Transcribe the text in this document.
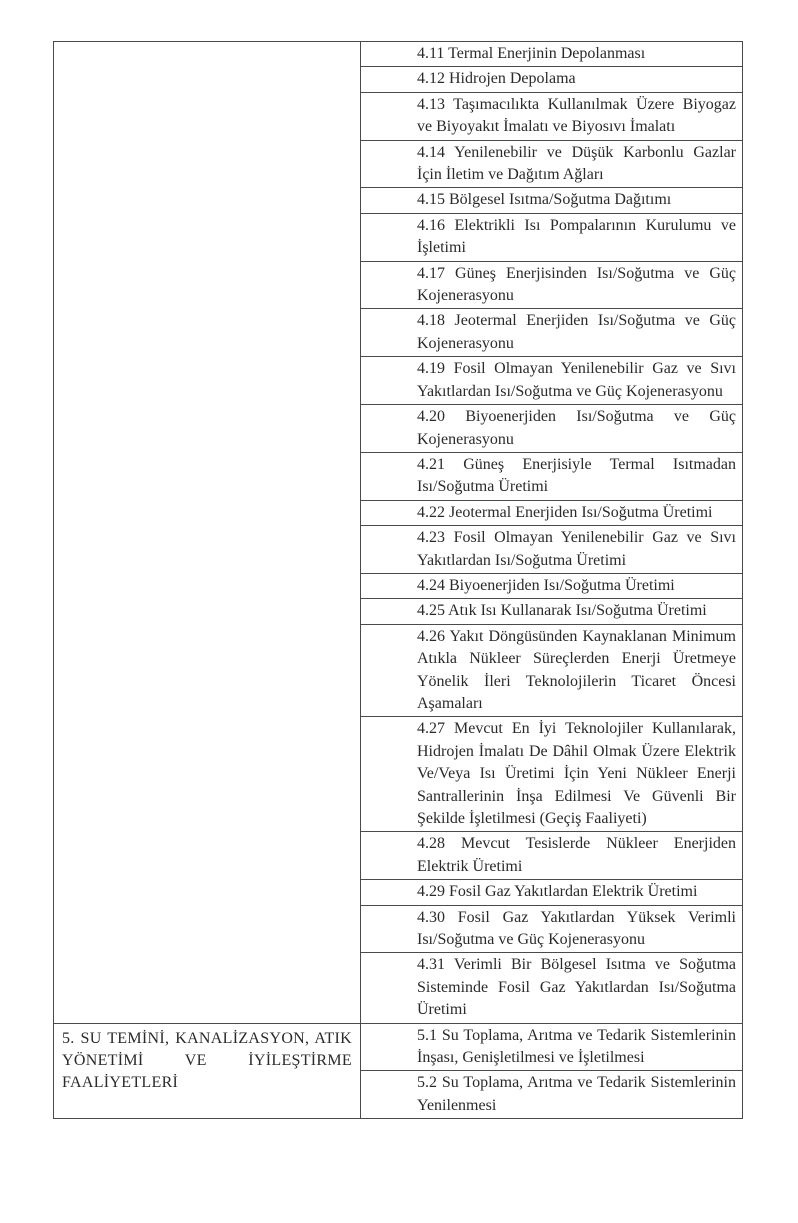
	4.11 Termal Enerjinin Depolanması

	4.12 Hidrojen Depolama

	4.13 Taşımacılıkta Kullanılmak Üzere Biyogaz ve Biyoyakıt İmalatı ve Biyosıvı İmalatı

	4.14 Yenilenebilir ve Düşük Karbonlu Gazlar İçin İletim ve Dağıtım Ağları

	4.15 Bölgesel Isıtma/Soğutma Dağıtımı

	4.16 Elektrikli Isı Pompalarının Kurulumu ve İşletimi

	4.17 Güneş Enerjisinden Isı/Soğutma ve Güç Kojenerasyonu

	4.18 Jeotermal Enerjiden Isı/Soğutma ve Güç Kojenerasyonu

	4.19 Fosil Olmayan Yenilenebilir Gaz ve Sıvı Yakıtlardan Isı/Soğutma ve Güç Kojenerasyonu

	4.20 Biyoenerjiden Isı/Soğutma ve Güç Kojenerasyonu

	4.21 Güneş Enerjisiyle Termal Isıtmadan Isı/Soğutma Üretimi

	4.22 Jeotermal Enerjiden Isı/Soğutma Üretimi

	4.23 Fosil Olmayan Yenilenebilir Gaz ve Sıvı Yakıtlardan Isı/Soğutma Üretimi

	4.24 Biyoenerjiden Isı/Soğutma Üretimi

	4.25 Atık Isı Kullanarak Isı/Soğutma Üretimi

	4.26 Yakıt Döngüsünden Kaynaklanan Minimum Atıkla Nükleer Süreçlerden Enerji Üretmeye Yönelik İleri Teknolojilerin Ticaret Öncesi Aşamaları

	4.27 Mevcut En İyi Teknolojiler Kullanılarak, Hidrojen İmalatı De Dâhil Olmak Üzere Elektrik Ve/Veya Isı Üretimi İçin Yeni Nükleer Enerji Santrallerinin İnşa Edilmesi Ve Güvenli Bir Şekilde İşletilmesi (Geçiş Faaliyeti)

	4.28 Mevcut Tesislerde Nükleer Enerjiden Elektrik Üretimi

	4.29 Fosil Gaz Yakıtlardan Elektrik Üretimi

	4.30 Fosil Gaz Yakıtlardan Yüksek Verimli Isı/Soğutma ve Güç Kojenerasyonu

	4.31 Verimli Bir Bölgesel Isıtma ve Soğutma Sisteminde Fosil Gaz Yakıtlardan Isı/Soğutma Üretimi

5. SU TEMİNİ, KANALİZASYON, ATIK YÖNETİMİ VE İYİLEŞTİRME FAALİYETLERİ	5.1 Su Toplama, Arıtma ve Tedarik Sistemlerinin İnşası, Genişletilmesi ve İşletilmesi

	5.2 Su Toplama, Arıtma ve Tedarik Sistemlerinin Yenilenmesi
